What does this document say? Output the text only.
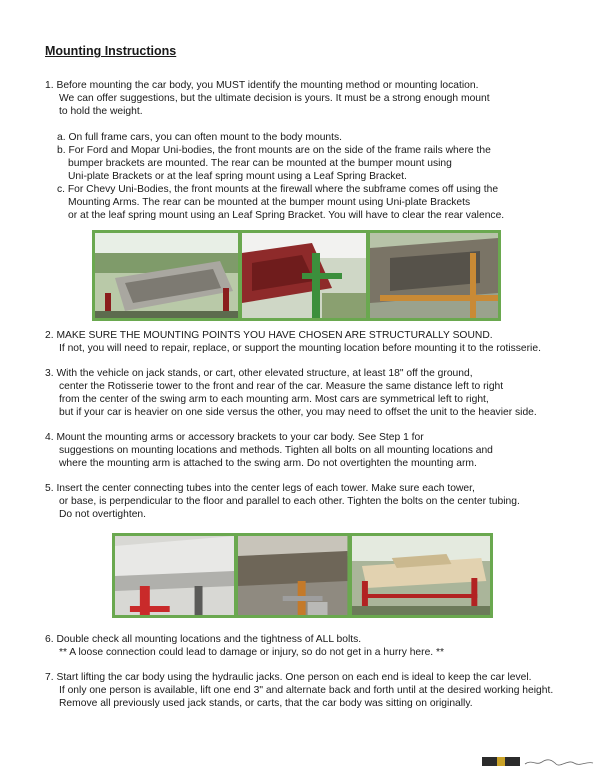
Mounting Instructions
1. Before mounting the car body, you MUST identify the mounting method or mounting location.
We can offer suggestions, but the ultimate decision is yours. It must be a strong enough mount
to hold the weight.
a. On full frame cars, you can often mount to the body mounts.
b. For Ford and Mopar Uni-bodies, the front mounts are on the side of the frame rails where the
bumper brackets are mounted. The rear can be mounted at the bumper mount using
Uni-plate Brackets or at the leaf spring mount using a Leaf Spring Bracket.
c. For Chevy Uni-Bodies, the front mounts at the firewall where the subframe comes off using the
Mounting Arms. The rear can be mounted at the bumper mount using Uni-plate Brackets
or at the leaf spring mount using an Leaf Spring Bracket. You will have to clear the rear valence.
2. MAKE SURE THE MOUNTING POINTS YOU HAVE CHOSEN ARE STRUCTURALLY SOUND.
If not, you will need to repair, replace, or support the mounting location before mounting it to the rotisserie.
3. With the vehicle on jack stands, or cart, other elevated structure, at least 18" off the ground,
center the Rotisserie tower to the front and rear of the car. Measure the same distance left to right
from the center of the swing arm to each mounting arm. Most cars are symmetrical left to right,
but if your car is heavier on one side versus the other, you may need to offset the unit to the heavier side.
4. Mount the mounting arms or accessory brackets to your car body. See Step 1 for
suggestions on mounting locations and methods. Tighten all bolts on all mounting locations and
where the mounting arm is attached to the swing arm. Do not overtighten the mounting arm.
5. Insert the center connecting tubes into the center legs of each tower. Make sure each tower,
or base, is perpendicular to the floor and parallel to each other. Tighten the bolts on the center tubing.
Do not overtighten.
6. Double check all mounting locations and the tightness of ALL bolts.
** A loose connection could lead to damage or injury, so do not get in a hurry here. **
7. Start lifting the car body using the hydraulic jacks. One person on each end is ideal to keep the car level.
If only one person is available, lift one end 3" and alternate back and forth until at the desired working height.
Remove all previously used jack stands, or carts, that the car body was sitting on originally.
